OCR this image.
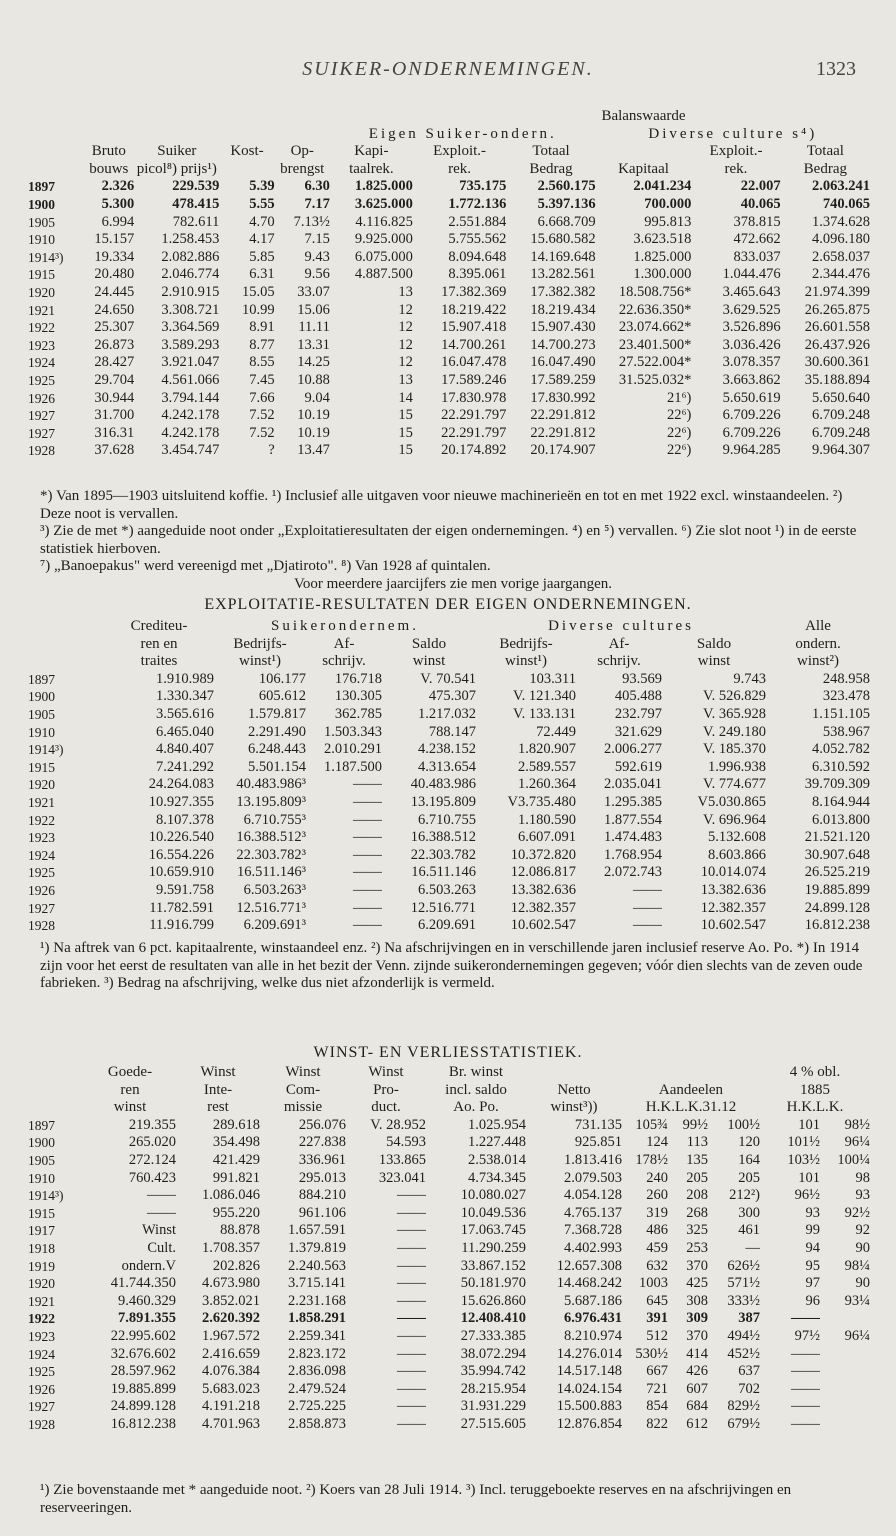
SUIKER-ONDERNEMINGEN.	1323
							Balanswaarde			
					Eigen Suiker-ondern.			Diverse culture s⁴)		
	Bruto	Suiker	Kost-	Op-	Kapi-	Exploit.-	Totaal		Exploit.-	Totaal
	bouws	picol⁸) prijs¹)		brengst	taalrek.	rek.	Bedrag	Kapitaal	rek.	Bedrag
1897	2.326	229.539	5.39	6.30	1.825.000	735.175	2.560.175	2.041.234	22.007	2.063.241
1900	5.300	478.415	5.55	7.17	3.625.000	1.772.136	5.397.136	700.000	40.065	740.065
1905	6.994	782.611	4.70	7.13½	4.116.825	2.551.884	6.668.709	995.813	378.815	1.374.628
1910	15.157	1.258.453	4.17	7.15	9.925.000	5.755.562	15.680.582	3.623.518	472.662	4.096.180
1914³)	19.334	2.082.886	5.85	9.43	6.075.000	8.094.648	14.169.648	1.825.000	833.037	2.658.037
1915	20.480	2.046.774	6.31	9.56	4.887.500	8.395.061	13.282.561	1.300.000	1.044.476	2.344.476
1920	24.445	2.910.915	15.05	33.07	13	17.382.369	17.382.382	18.508.756*	3.465.643	21.974.399
1921	24.650	3.308.721	10.99	15.06	12	18.219.422	18.219.434	22.636.350*	3.629.525	26.265.875
1922	25.307	3.364.569	8.91	11.11	12	15.907.418	15.907.430	23.074.662*	3.526.896	26.601.558
1923	26.873	3.589.293	8.77	13.31	12	14.700.261	14.700.273	23.401.500*	3.036.426	26.437.926
1924	28.427	3.921.047	8.55	14.25	12	16.047.478	16.047.490	27.522.004*	3.078.357	30.600.361
1925	29.704	4.561.066	7.45	10.88	13	17.589.246	17.589.259	31.525.032*	3.663.862	35.188.894
1926	30.944	3.794.144	7.66	9.04	14	17.830.978	17.830.992	21⁶)	5.650.619	5.650.640
1927	31.700	4.242.178	7.52	10.19	15	22.291.797	22.291.812	22⁶)	6.709.226	6.709.248
1927	316.31	4.242.178	7.52	10.19	15	22.291.797	22.291.812	22⁶)	6.709.226	6.709.248
1928	37.628	3.454.747	?	13.47	15	20.174.892	20.174.907	22⁶)	9.964.285	9.964.307

*) Van 1895—1903 uitsluitend koffie. ¹) Inclusief alle uitgaven voor nieuwe machinerieën en tot en met 1922 excl. winstaandeelen. ²) Deze noot is vervallen.

³) Zie de met *) aangeduide noot onder „Exploitatieresultaten der eigen ondernemingen. ⁴) en ⁵) vervallen. ⁶) Zie slot noot ¹) in de eerste statistiek hierboven.

⁷) „Banoepakus" werd vereenigd met „Djatiroto". ⁸) Van 1928 af quintalen.

Voor meerdere jaarcijfers zie men vorige jaargangen.

EXPLOITATIE-RESULTATEN DER EIGEN ONDERNEMINGEN.
	Crediteu-	Suikerondernem.			Diverse cultures			Alle
	ren en	Bedrijfs-	Af-	Saldo	Bedrijfs-	Af-	Saldo	ondern.
	traites	winst¹)	schrijv.	winst	winst¹)	schrijv.	winst	winst²)
1897	1.910.989	106.177	176.718	V. 70.541	103.311	93.569	9.743	248.958
1900	1.330.347	605.612	130.305	475.307	V. 121.340	405.488	V. 526.829	323.478
1905	3.565.616	1.579.817	362.785	1.217.032	V. 133.131	232.797	V. 365.928	1.151.105
1910	6.465.040	2.291.490	1.503.343	788.147	72.449	321.629	V. 249.180	538.967
1914³)	4.840.407	6.248.443	2.010.291	4.238.152	1.820.907	2.006.277	V. 185.370	4.052.782
1915	7.241.292	5.501.154	1.187.500	4.313.654	2.589.557	592.619	1.996.938	6.310.592
1920	24.264.083	40.483.986³	——	40.483.986	1.260.364	2.035.041	V. 774.677	39.709.309
1921	10.927.355	13.195.809³	——	13.195.809	V3.735.480	1.295.385	V5.030.865	8.164.944
1922	8.107.378	6.710.755³	——	6.710.755	1.180.590	1.877.554	V. 696.964	6.013.800
1923	10.226.540	16.388.512³	——	16.388.512	6.607.091	1.474.483	5.132.608	21.521.120
1924	16.554.226	22.303.782³	——	22.303.782	10.372.820	1.768.954	8.603.866	30.907.648
1925	10.659.910	16.511.146³	——	16.511.146	12.086.817	2.072.743	10.014.074	26.525.219
1926	9.591.758	6.503.263³	——	6.503.263	13.382.636	——	13.382.636	19.885.899
1927	11.782.591	12.516.771³	——	12.516.771	12.382.357	——	12.382.357	24.899.128
1928	11.916.799	6.209.691³	——	6.209.691	10.602.547	——	10.602.547	16.812.238

¹) Na aftrek van 6 pct. kapitaalrente, winstaandeel enz. ²) Na afschrijvingen en in verschillende jaren inclusief reserve Ao. Po. *) In 1914 zijn voor het eerst de resultaten van alle in het bezit der Venn. zijnde suikerondernemingen gegeven; vóór dien slechts van de zeven oude fabrieken. ³) Bedrag na afschrijving, welke dus niet afzonderlijk is vermeld.

WINST- EN VERLIESSTATISTIEK.
	Goede-	Winst	Winst	Winst	Br. winst					4 % obl.	
	ren	Inte-	Com-	Pro-	incl. saldo	Netto	Aandeelen			1885	
	winst	rest	missie	duct.	Ao. Po.	winst³))	H.K.L.K.31.12			H.K.L.K.	
1897	219.355	289.618	256.076	V. 28.952	1.025.954	731.135	105¾	99½	100½	101	98½
1900	265.020	354.498	227.838	54.593	1.227.448	925.851	124	113	120	101½	96¼
1905	272.124	421.429	336.961	133.865	2.538.014	1.813.416	178½	135	164	103½	100¼
1910	760.423	991.821	295.013	323.041	4.734.345	2.079.503	240	205	205	101	98
1914³)	——	1.086.046	884.210	——	10.080.027	4.054.128	260	208	212²)	96½	93
1915	——	955.220	961.106	——	10.049.536	4.765.137	319	268	300	93	92½
1917	Winst	88.878	1.657.591	——	17.063.745	7.368.728	486	325	461	99	92
1918	Cult.	1.708.357	1.379.819	——	11.290.259	4.402.993	459	253	—	94	90
1919	ondern.V	202.826	2.240.563	——	33.867.152	12.657.308	632	370	626½	95	98¼
1920	41.744.350	4.673.980	3.715.141	——	50.181.970	14.468.242	1003	425	571½	97	90
1921	9.460.329	3.852.021	2.231.168	——	15.626.860	5.687.186	645	308	333½	96	93¼
1922	7.891.355	2.620.392	1.858.291	——	12.408.410	6.976.431	391	309	387	——	
1923	22.995.602	1.967.572	2.259.341	——	27.333.385	8.210.974	512	370	494½	97½	96¼
1924	32.676.602	2.416.659	2.823.172	——	38.072.294	14.276.014	530½	414	452½	——	
1925	28.597.962	4.076.384	2.836.098	——	35.994.742	14.517.148	667	426	637	——	
1926	19.885.899	5.683.023	2.479.524	——	28.215.954	14.024.154	721	607	702	——	
1927	24.899.128	4.191.218	2.725.225	——	31.931.229	15.500.883	854	684	829½	——	
1928	16.812.238	4.701.963	2.858.873	——	27.515.605	12.876.854	822	612	679½	——	

¹) Zie bovenstaande met * aangeduide noot. ²) Koers van 28 Juli 1914. ³) Incl. teruggeboekte reserves en na afschrijvingen en reserveeringen.
